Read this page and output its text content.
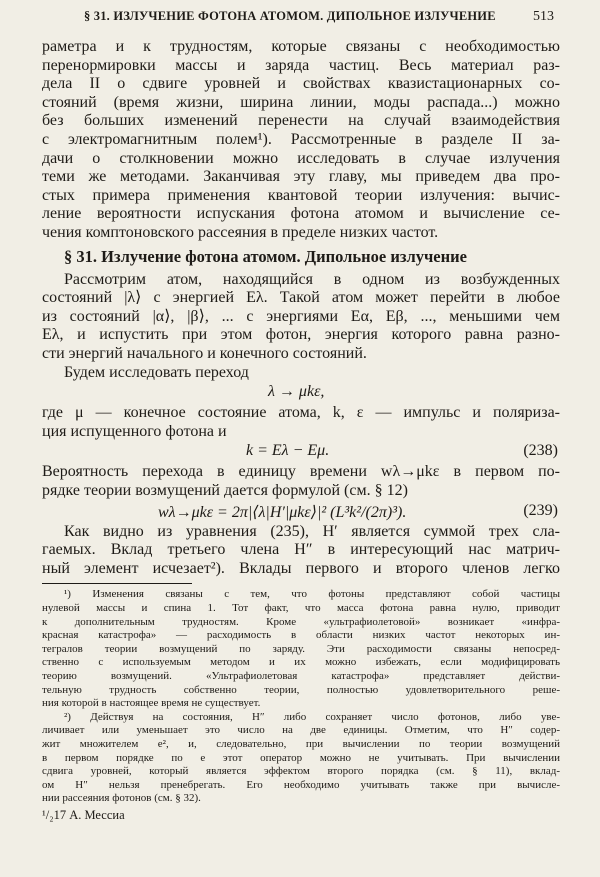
§ 31. ИЗЛУЧЕНИЕ ФОТОНА АТОМОМ. ДИПОЛЬНОЕ ИЗЛУЧЕНИЕ	513
раметра и к трудностям, которые связаны с необходимостью
перенормировки массы и заряда частиц. Весь материал раз-
дела II о сдвиге уровней и свойствах квазистационарных со-
стояний (время жизни, ширина линии, моды распада...) можно
без больших изменений перенести на случай взаимодействия
с электромагнитным полем¹). Рассмотренные в разделе II за-
дачи о столкновении можно исследовать в случае излучения
теми же методами. Заканчивая эту главу, мы приведем два про-
стых примера применения квантовой теории излучения: вычис-
ление вероятности испускания фотона атомом и вычисление се-
чения комптоновского рассеяния в пределе низких частот.
§ 31. Излучение фотона атомом. Дипольное излучение
Рассмотрим атом, находящийся в одном из возбужденных
состояний |λ⟩ с энергией Eλ. Такой атом может перейти в любое
из состояний |α⟩, |β⟩, ... с энергиями Eα, Eβ, ..., меньшими чем
Eλ, и испустить при этом фотон, энергия которого равна разно-
сти энергий начального и конечного состояний.
Будем исследовать переход
λ → μkε,
где μ — конечное состояние атома, k, ε — импульс и поляриза-
ция испущенного фотона и
k = Eλ − Eμ.	(238)
Вероятность перехода в единицу времени wλ→μkε в первом по-
рядке теории возмущений дается формулой (см. § 12)
wλ→μkε = 2π|⟨λ|H′|μkε⟩|² (L³k²/(2π)³).	(239)
Как видно из уравнения (235), H′ является суммой трех сла-
гаемых. Вклад третьего члена H″ в интересующий нас матрич-
ный элемент исчезает²). Вклады первого и второго членов легко
¹) Изменения связаны с тем, что фотоны представляют собой частицы
нулевой массы и спина 1. Тот факт, что масса фотона равна нулю, приводит
к дополнительным трудностям. Кроме «ультрафиолетовой» возникает «инфра-
красная катастрофа» — расходимость в области низких частот некоторых ин-
тегралов теории возмущений по заряду. Эти расходимости связаны непосред-
ственно с используемым методом и их можно избежать, если модифицировать
теорию возмущений. «Ультрафиолетовая катастрофа» представляет действи-
тельную трудность собственно теории, полностью удовлетворительного реше-
ния которой в настоящее время не существует.
²) Действуя на состояния, H″ либо сохраняет число фотонов, либо уве-
личивает или уменьшает это число на две единицы. Отметим, что H″ содер-
жит множителем e², и, следовательно, при вычислении по теории возмущений
в первом порядке по e этот оператор можно не учитывать. При вычислении
сдвига уровней, который является эффектом второго порядка (см. § 11), вклад-
ом H″ нельзя пренебрегать. Его необходимо учитывать также при вычисле-
нии рассеяния фотонов (см. § 32).
¹/₂17 А. Мессиа
